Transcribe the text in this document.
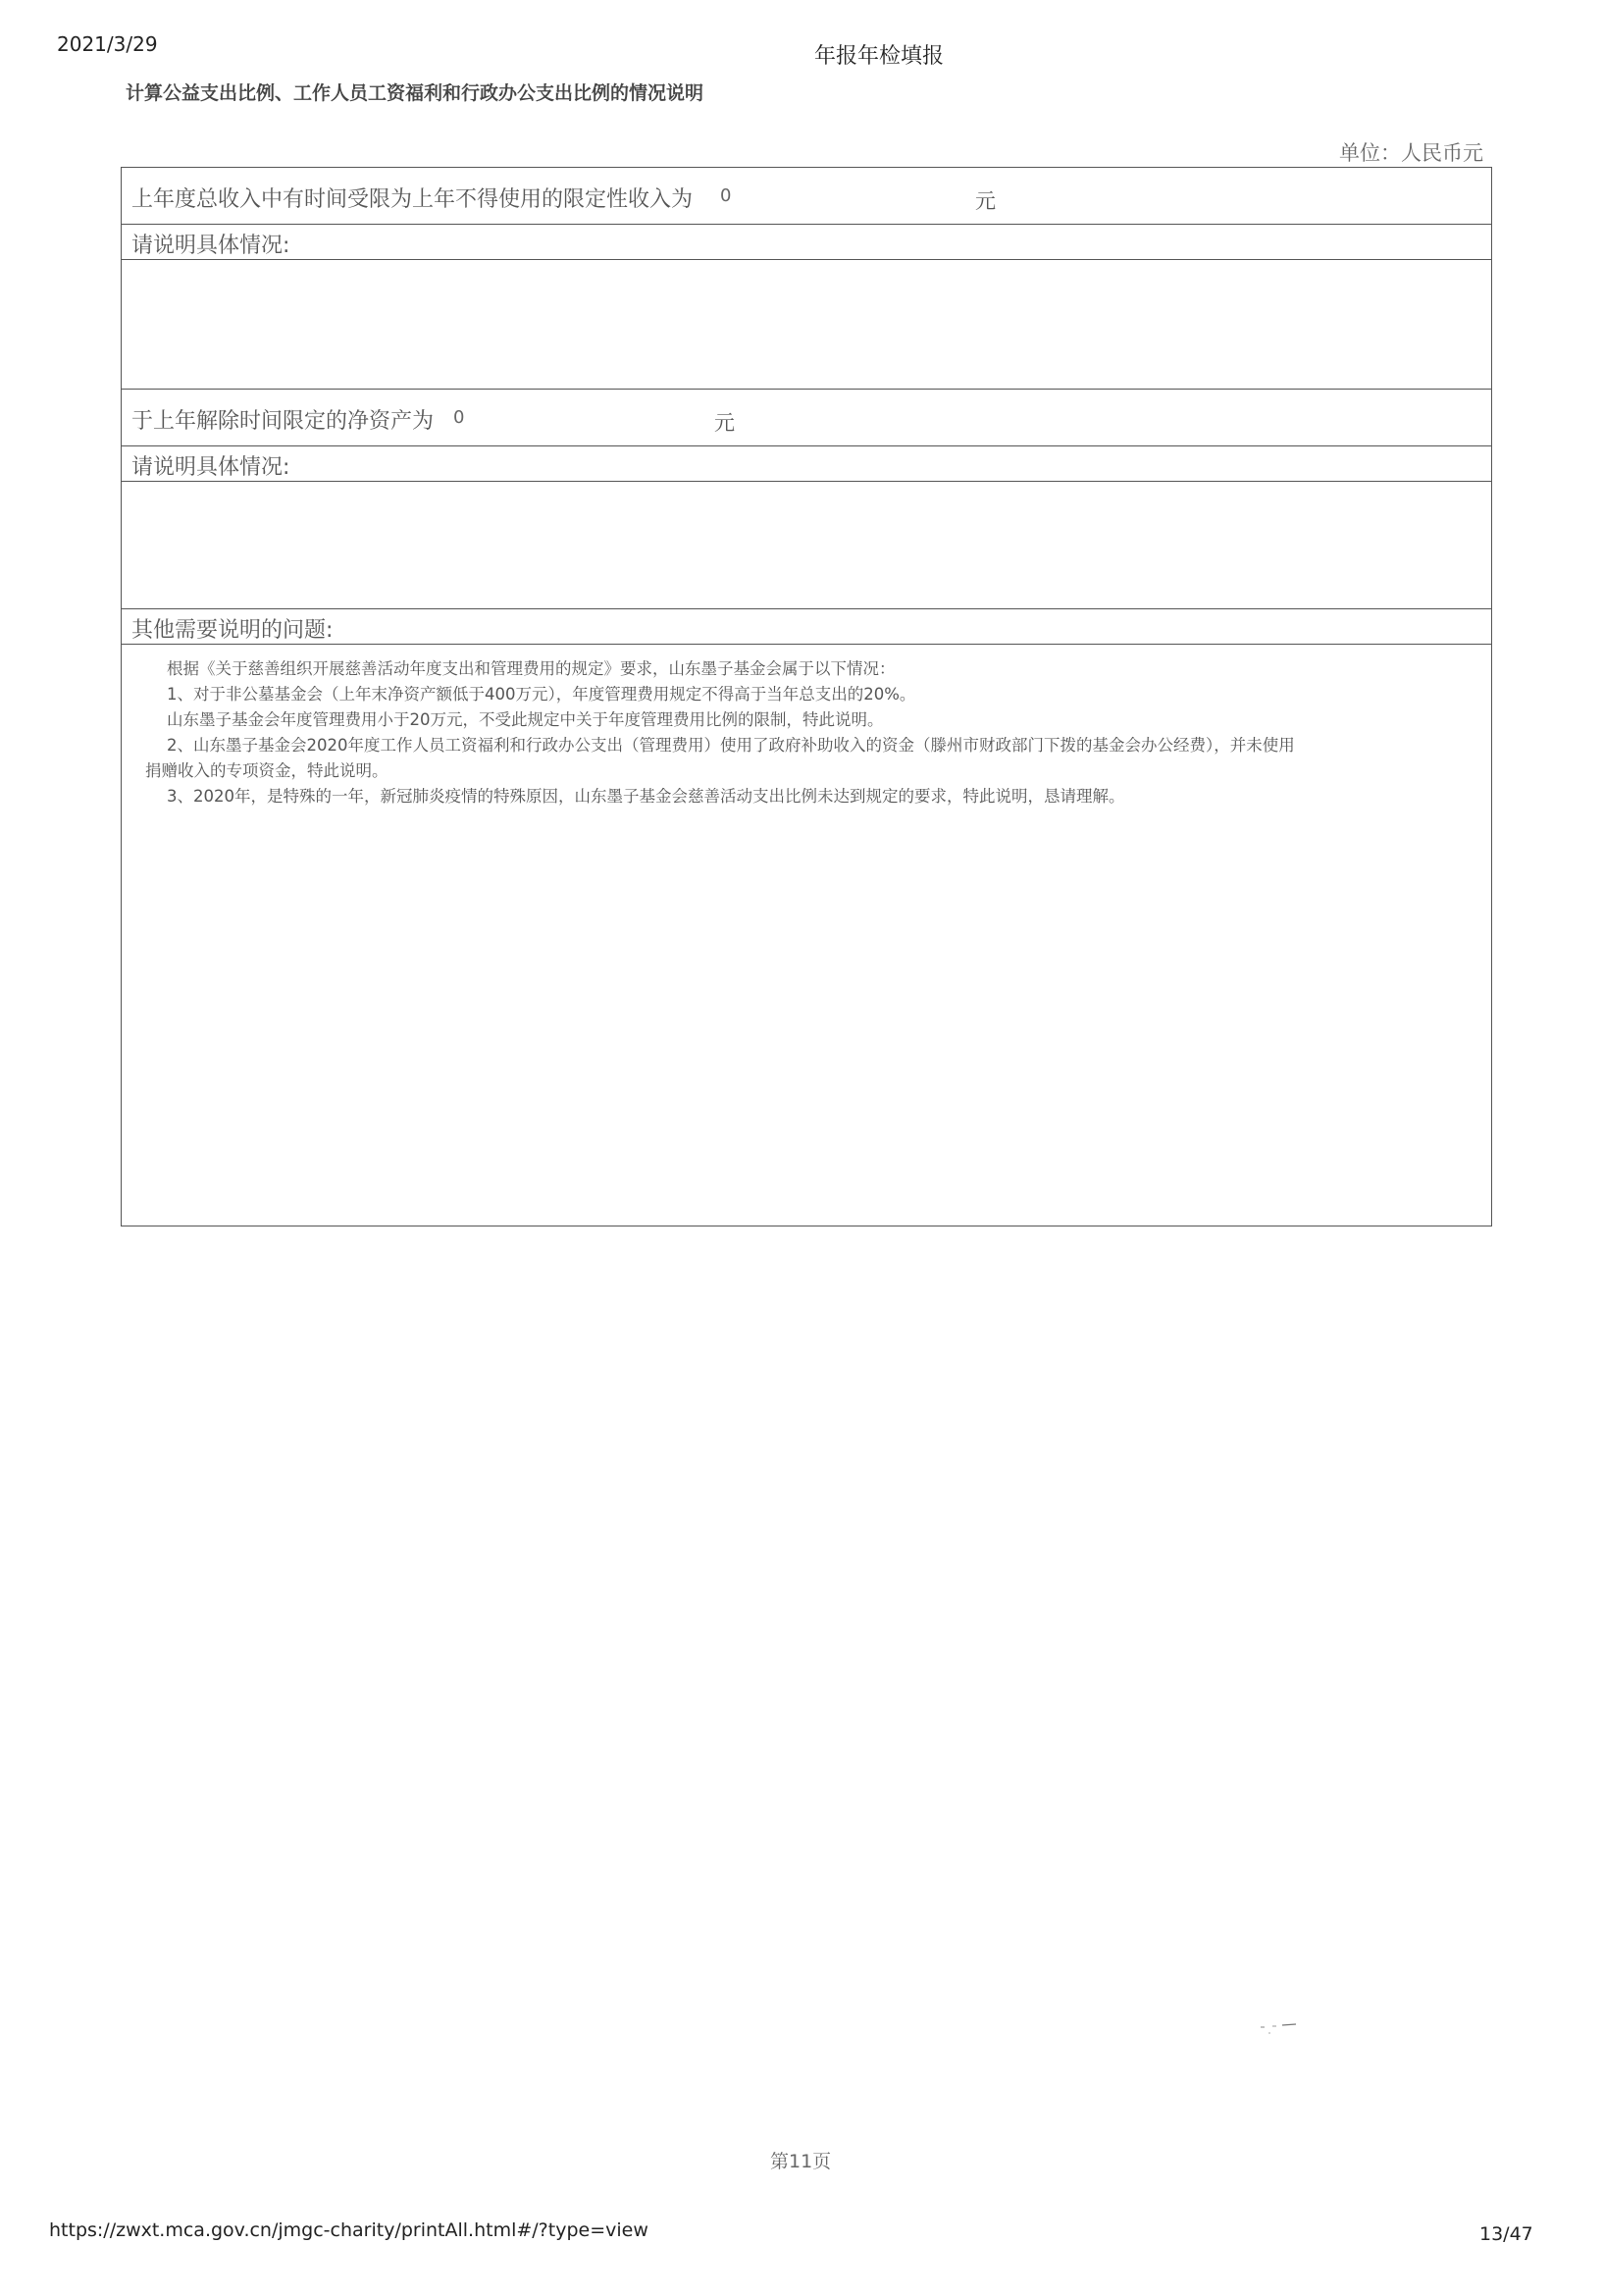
2021/3/29	年报年检填报
计算公益支出比例、工作人员工资福利和行政办公支出比例的情况说明
单位：人民币元
上年度总收入中有时间受限为上年不得使用的限定性收入为 0	元
请说明具体情况:
于上年解除时间限定的净资产为 0	元
请说明具体情况:
其他需要说明的问题:

根据《关于慈善组织开展慈善活动年度支出和管理费用的规定》要求，山东墨子基金会属于以下情况：

1、对于非公墓基金会（上年末净资产额低于400万元），年度管理费用规定不得高于当年总支出的20%。

山东墨子基金会年度管理费用小于20万元，不受此规定中关于年度管理费用比例的限制，特此说明。

2、山东墨子基金会2020年度工作人员工资福利和行政办公支出（管理费用）使用了政府补助收入的资金（滕州市财政部门下拨的基金会办公经费），并未使用

捐赠收入的专项资金，特此说明。

3、2020年，是特殊的一年，新冠肺炎疫情的特殊原因，山东墨子基金会慈善活动支出比例未达到规定的要求，特此说明，恳请理解。

第11页
https://zwxt.mca.gov.cn/jmgc-charity/printAll.html#/?type=view	13/47
